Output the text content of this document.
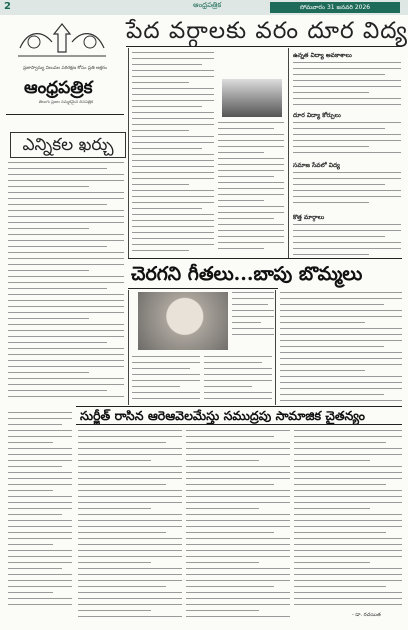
2	ఆంధ్రపత్రిక	సోమవారం 31 జనవరి 2026
పేద వర్గాలకు వరం దూర విద్య
ప్రజాస్వామ్య విలువల పరిరక్షణ కోసం ప్రతి అక్షరం
ఆంధ్రపత్రిక
తెలుగు ప్రజల నమ్మకమైన దినపత్రిక
ఎన్నికల ఖర్చు
ఉన్నత విద్యా అవకాశాలు
దూర విద్యా కోర్సులు
సమాజ సేవలో విద్య
కొత్త మార్గాలు
చెరగని గీతలు...బాపు బొమ్మలు
సుర్జీత్ రాసిన ఆరెఆవెలమేస్తు సముద్రపు సామాజిక చైతన్యం
- డా. రచయిత
